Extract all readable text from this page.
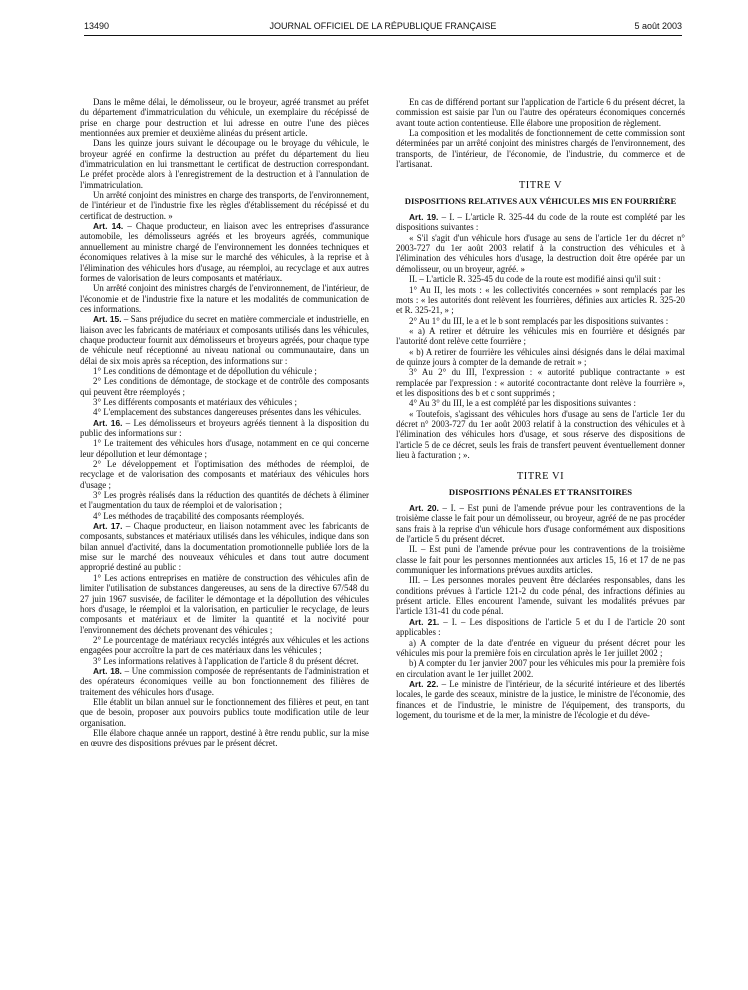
13490	JOURNAL OFFICIEL DE LA RÉPUBLIQUE FRANÇAISE	5 août 2003

Dans le même délai, le démolisseur, ou le broyeur, agréé transmet au préfet du département d'immatriculation du véhicule, un exemplaire du récépissé de prise en charge pour destruction et lui adresse en outre l'une des pièces mentionnées aux premier et deuxième alinéas du présent article.

Dans les quinze jours suivant le découpage ou le broyage du véhicule, le broyeur agréé en confirme la destruction au préfet du département du lieu d'immatriculation en lui transmettant le certificat de destruction correspondant. Le préfet procède alors à l'enregistrement de la destruction et à l'annulation de l'immatriculation.

Un arrêté conjoint des ministres en charge des transports, de l'environnement, de l'intérieur et de l'industrie fixe les règles d'établissement du récépissé et du certificat de destruction. »

Art. 14. – Chaque producteur, en liaison avec les entreprises d'assurance automobile, les démolisseurs agréés et les broyeurs agréés, communique annuellement au ministre chargé de l'environnement les données techniques et économiques relatives à la mise sur le marché des véhicules, à la reprise et à l'élimination des véhicules hors d'usage, au réemploi, au recyclage et aux autres formes de valorisation de leurs composants et matériaux.

Un arrêté conjoint des ministres chargés de l'environnement, de l'intérieur, de l'économie et de l'industrie fixe la nature et les modalités de communication de ces informations.

Art. 15. – Sans préjudice du secret en matière commerciale et industrielle, en liaison avec les fabricants de matériaux et composants utilisés dans les véhicules, chaque producteur fournit aux démolisseurs et broyeurs agréés, pour chaque type de véhicule neuf réceptionné au niveau national ou communautaire, dans un délai de six mois après sa réception, des informations sur :

1° Les conditions de démontage et de dépollution du véhicule ;

2° Les conditions de démontage, de stockage et de contrôle des composants qui peuvent être réemployés ;

3° Les différents composants et matériaux des véhicules ;

4° L'emplacement des substances dangereuses présentes dans les véhicules.

Art. 16. – Les démolisseurs et broyeurs agréés tiennent à la disposition du public des informations sur :

1° Le traitement des véhicules hors d'usage, notamment en ce qui concerne leur dépollution et leur démontage ;

2° Le développement et l'optimisation des méthodes de réemploi, de recyclage et de valorisation des composants et matériaux des véhicules hors d'usage ;

3° Les progrès réalisés dans la réduction des quantités de déchets à éliminer et l'augmentation du taux de réemploi et de valorisation ;

4° Les méthodes de traçabilité des composants réemployés.

Art. 17. – Chaque producteur, en liaison notamment avec les fabricants de composants, substances et matériaux utilisés dans les véhicules, indique dans son bilan annuel d'activité, dans la documentation promotionnelle publiée lors de la mise sur le marché des nouveaux véhicules et dans tout autre document approprié destiné au public :

1° Les actions entreprises en matière de construction des véhicules afin de limiter l'utilisation de substances dangereuses, au sens de la directive 67/548 du 27 juin 1967 susvisée, de faciliter le démontage et la dépollution des véhicules hors d'usage, le réemploi et la valorisation, en particulier le recyclage, de leurs composants et matériaux et de limiter la quantité et la nocivité pour l'environnement des déchets provenant des véhicules ;

2° Le pourcentage de matériaux recyclés intégrés aux véhicules et les actions engagées pour accroître la part de ces matériaux dans les véhicules ;

3° Les informations relatives à l'application de l'article 8 du présent décret.

Art. 18. – Une commission composée de représentants de l'administration et des opérateurs économiques veille au bon fonctionnement des filières de traitement des véhicules hors d'usage.

Elle établit un bilan annuel sur le fonctionnement des filières et peut, en tant que de besoin, proposer aux pouvoirs publics toute modification utile de leur organisation.

Elle élabore chaque année un rapport, destiné à être rendu public, sur la mise en œuvre des dispositions prévues par le présent décret.

En cas de différend portant sur l'application de l'article 6 du présent décret, la commission est saisie par l'un ou l'autre des opérateurs économiques concernés avant toute action contentieuse. Elle élabore une proposition de règlement.

La composition et les modalités de fonctionnement de cette commission sont déterminées par un arrêté conjoint des ministres chargés de l'environnement, des transports, de l'intérieur, de l'économie, de l'industrie, du commerce et de l'artisanat.

TITRE V

DISPOSITIONS RELATIVES AUX VÉHICULES MIS EN FOURRIÈRE

Art. 19. – I. – L'article R. 325-44 du code de la route est complété par les dispositions suivantes :

« S'il s'agit d'un véhicule hors d'usage au sens de l'article 1er du décret n° 2003-727 du 1er août 2003 relatif à la construction des véhicules et à l'élimination des véhicules hors d'usage, la destruction doit être opérée par un démolisseur, ou un broyeur, agréé. »

II. – L'article R. 325-45 du code de la route est modifié ainsi qu'il suit :

1° Au II, les mots : « les collectivités concernées » sont remplacés par les mots : « les autorités dont relèvent les fourrières, définies aux articles R. 325-20 et R. 325-21, » ;

2° Au 1° du III, le a et le b sont remplacés par les dispositions suivantes :

« a) A retirer et détruire les véhicules mis en fourrière et désignés par l'autorité dont relève cette fourrière ;

« b) A retirer de fourrière les véhicules ainsi désignés dans le délai maximal de quinze jours à compter de la demande de retrait » ;

3° Au 2° du III, l'expression : « autorité publique contractante » est remplacée par l'expression : « autorité cocontractante dont relève la fourrière », et les dispositions des b et c sont supprimés ;

4° Au 3° du III, le a est complété par les dispositions suivantes :

« Toutefois, s'agissant des véhicules hors d'usage au sens de l'article 1er du décret n° 2003-727 du 1er août 2003 relatif à la construction des véhicules et à l'élimination des véhicules hors d'usage, et sous réserve des dispositions de l'article 5 de ce décret, seuls les frais de transfert peuvent éventuellement donner lieu à facturation ; ».

TITRE VI

DISPOSITIONS PÉNALES ET TRANSITOIRES

Art. 20. – I. – Est puni de l'amende prévue pour les contraventions de la troisième classe le fait pour un démolisseur, ou broyeur, agréé de ne pas procéder sans frais à la reprise d'un véhicule hors d'usage conformément aux dispositions de l'article 5 du présent décret.

II. – Est puni de l'amende prévue pour les contraventions de la troisième classe le fait pour les personnes mentionnées aux articles 15, 16 et 17 de ne pas communiquer les informations prévues auxdits articles.

III. – Les personnes morales peuvent être déclarées responsables, dans les conditions prévues à l'article 121-2 du code pénal, des infractions définies au présent article. Elles encourent l'amende, suivant les modalités prévues par l'article 131-41 du code pénal.

Art. 21. – I. – Les dispositions de l'article 5 et du I de l'article 20 sont applicables :

a) A compter de la date d'entrée en vigueur du présent décret pour les véhicules mis pour la première fois en circulation après le 1er juillet 2002 ;

b) A compter du 1er janvier 2007 pour les véhicules mis pour la première fois en circulation avant le 1er juillet 2002.

Art. 22. – Le ministre de l'intérieur, de la sécurité intérieure et des libertés locales, le garde des sceaux, ministre de la justice, le ministre de l'économie, des finances et de l'industrie, le ministre de l'équipement, des transports, du logement, du tourisme et de la mer, la ministre de l'écologie et du déve-
